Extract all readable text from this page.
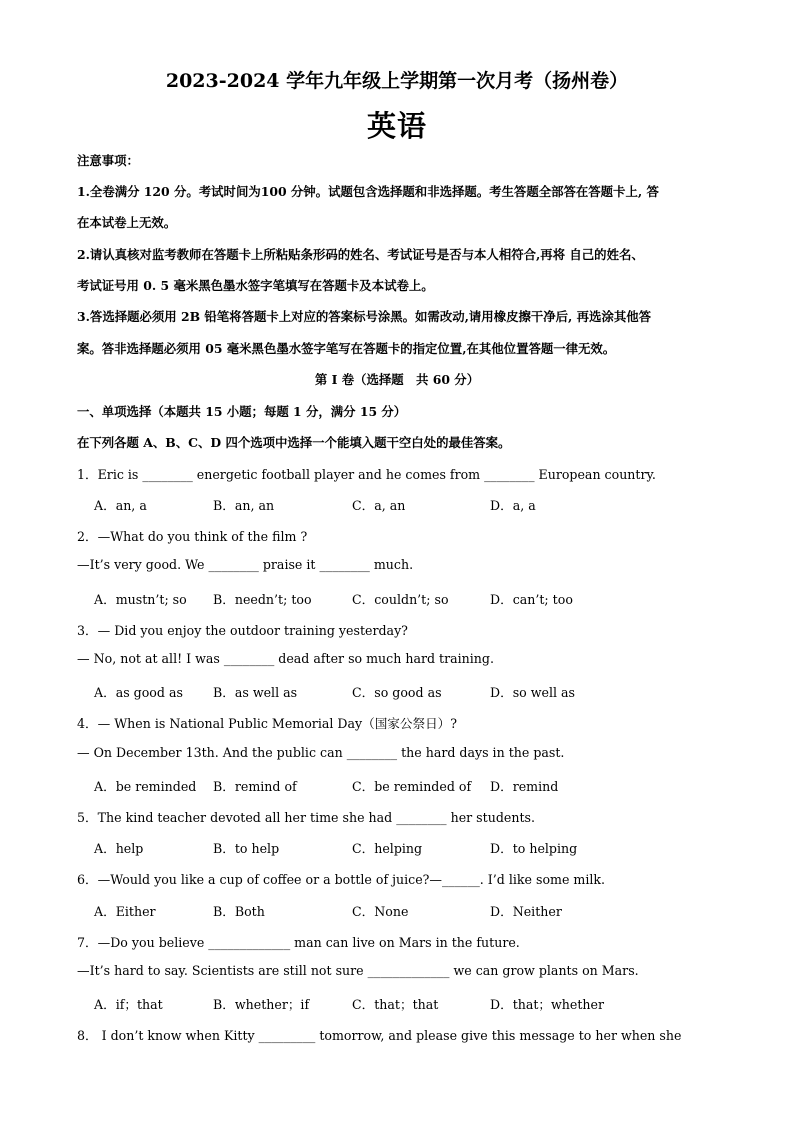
2023-2024 学年九年级上学期第一次月考（扬州卷）
英语
注意事项：
1.全卷满分 120 分。考试时间为100 分钟。试题包含选择题和非选择题。考生答题全部答在答题卡上, 答
在本试卷上无效。
2.请认真核对监考教师在答题卡上所粘贴条形码的姓名、考试证号是否与本人相符合,再将 自己的姓名、
考试证号用 0. 5 毫米黑色墨水签字笔填写在答题卡及本试卷上。
3.答选择题必须用 2B 铅笔将答题卡上对应的答案标号涂黑。如需改动,请用橡皮擦干净后, 再选涂其他答
案。答非选择题必须用 05 毫米黑色墨水签字笔写在答题卡的指定位置,在其他位置答题一律无效。
第 I 卷（选择题　共 60 分）
一、单项选择（本题共 15 小题；每题 1 分，满分 15 分）
在下列各题 A、B、C、D 四个选项中选择一个能填入题干空白处的最佳答案。
1．Eric is ________ energetic football player and he comes from ________ European country.
A．an, a	B．an, an	C．a, an	D．a, a
2．—What do you think of the film ?
—It’s very good. We ________ praise it ________ much.
A．mustn’t; so B．needn’t; too	C．couldn’t; so	D．can’t; too
3．— Did you enjoy the outdoor training yesterday?
— No, not at all! I was ________ dead after so much hard training.
A．as good as B．as well as	C．so good as	D．so well as
4．— When is National Public Memorial Day（国家公祭日）?
— On December 13th. And the public can ________ the hard days in the past.
A．be reminded B．remind of	C．be reminded of D．remind
5．The kind teacher devoted all her time she had ________ her students.
A．help	B．to help	C．helping	D．to helping
6．—Would you like a cup of coffee or a bottle of juice?—______. I’d like some milk.
A．Either	B．Both	C．None	D．Neither
7．—Do you believe _____________ man can live on Mars in the future.
—It’s hard to say. Scientists are still not sure _____________ we can grow plants on Mars.
A．if；that	B．whether；if	C．that；that	D．that；whether
8． I don’t know when Kitty _________ tomorrow, and please give this message to her when she
